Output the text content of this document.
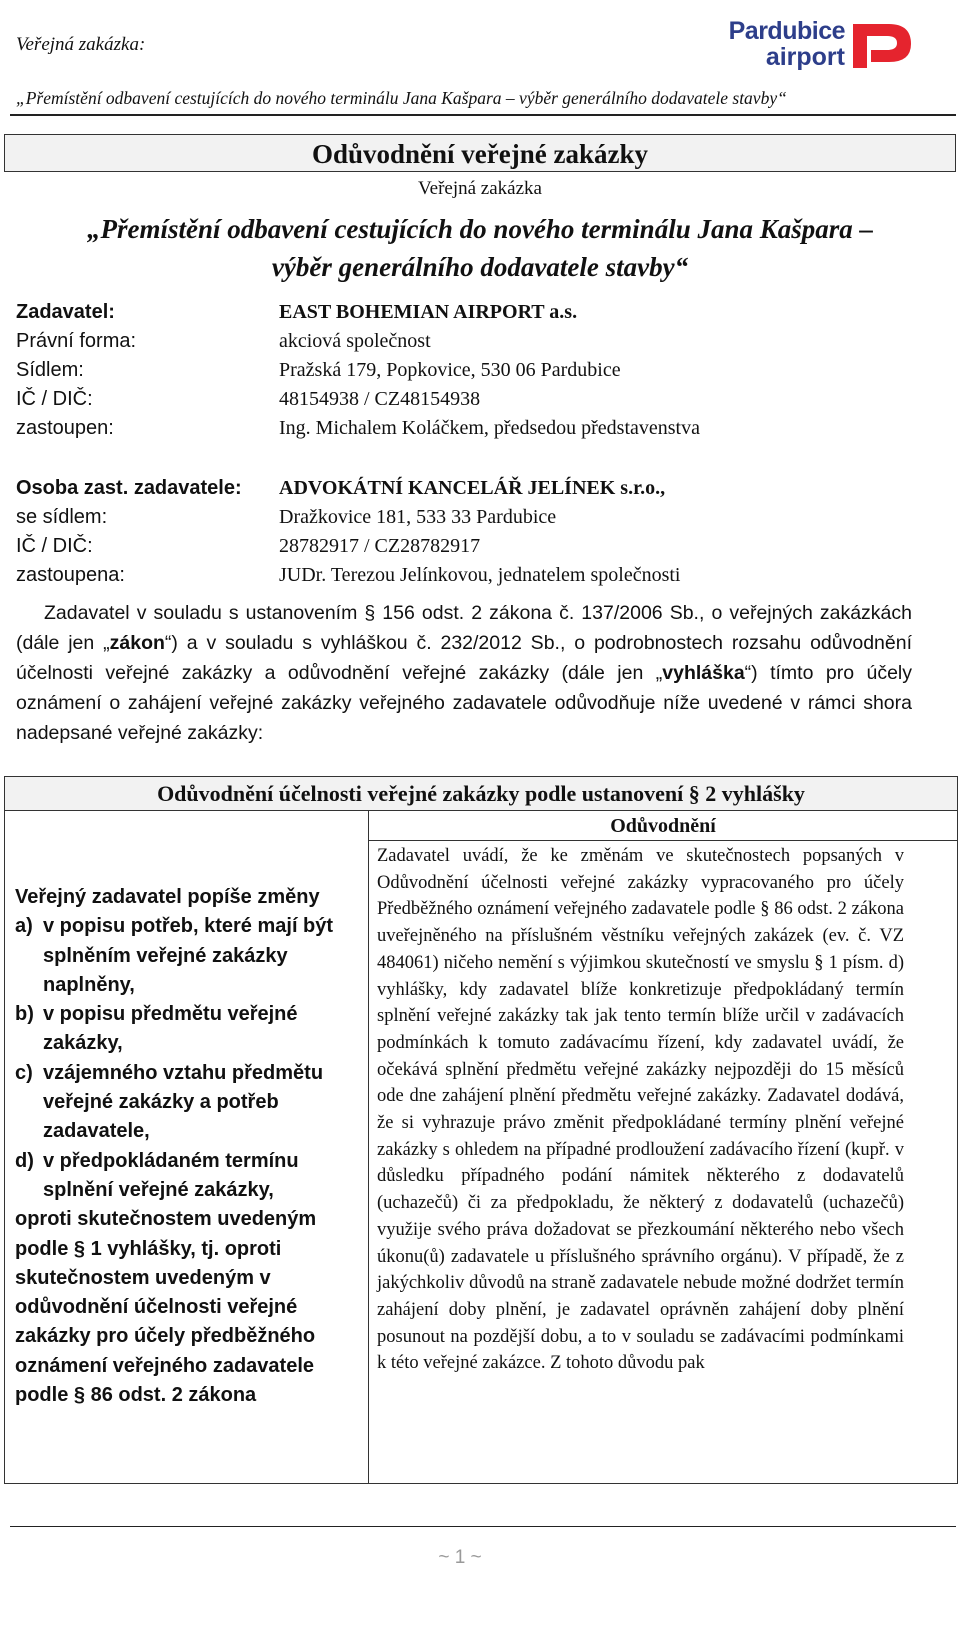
Veřejná zakázka:
„Přemístění odbavení cestujících do nového terminálu Jana Kašpara – výběr generálního dodavatele stavby“
Pardubice
airport
Odůvodnění veřejné zakázky
Veřejná zakázka
„Přemístění odbavení cestujících do nového terminálu Jana Kašpara –
výběr generálního dodavatele stavby“
Zadavatel:	EAST BOHEMIAN AIRPORT a.s.
Právní forma:	akciová společnost
Sídlem:	Pražská 179, Popkovice, 530 06 Pardubice
IČ / DIČ:	48154938 / CZ48154938
zastoupen:	Ing. Michalem Koláčkem, předsedou představenstva
Osoba zast. zadavatele: ADVOKÁTNÍ KANCELÁŘ JELÍNEK s.r.o.,
se sídlem:	Dražkovice 181, 533 33 Pardubice
IČ / DIČ:	28782917 / CZ28782917
zastoupena:	JUDr. Terezou Jelínkovou, jednatelem společnosti

Zadavatel v souladu s ustanovením § 156 odst. 2 zákona č. 137/2006 Sb., o veřejných zakázkách (dále jen „zákon“) a v souladu s vyhláškou č. 232/2012 Sb., o podrobnostech rozsahu odůvodnění účelnosti veřejné zakázky a odůvodnění veřejné zakázky (dále jen „vyhláška“) tímto pro účely oznámení o zahájení veřejné zakázky veřejného zadavatele odůvodňuje níže uvedené v rámci shora nadepsané veřejné zakázky:

Odůvodnění účelnosti veřejné zakázky podle ustanovení § 2 vyhlášky
Odůvodnění
Veřejný zadavatel popíše změny
a) v popisu potřeb, které mají být splněním veřejné zakázky naplněny,
b) v popisu předmětu veřejné zakázky,
c) vzájemného vztahu předmětu veřejné zakázky a potřeb zadavatele,
d) v předpokládaném termínu splnění veřejné zakázky,
oproti skutečnostem uvedeným podle § 1 vyhlášky, tj. oproti skutečnostem uvedeným v odůvodnění účelnosti veřejné zakázky pro účely předběžného oznámení veřejného zadavatele podle § 86 odst. 2 zákona
Zadavatel uvádí, že ke změnám ve skutečnostech popsaných v Odůvodnění účelnosti veřejné zakázky vypracovaného pro účely Předběžného oznámení veřejného zadavatele podle § 86 odst. 2 zákona uveřejněného na příslušném věstníku veřejných zakázek (ev. č. VZ 484061) ničeho nemění s výjimkou skutečností ve smyslu § 1 písm. d) vyhlášky, kdy zadavatel blíže konkretizuje předpokládaný termín splnění veřejné zakázky tak jak tento termín blíže určil v zadávacích podmínkách k tomuto zadávacímu řízení, kdy zadavatel uvádí, že očekává splnění předmětu veřejné zakázky nejpozději do 15 měsíců ode dne zahájení plnění předmětu veřejné zakázky. Zadavatel dodává, že si vyhrazuje právo změnit předpokládané termíny plnění veřejné zakázky s ohledem na případné prodloužení zadávacího řízení (kupř. v důsledku případného podání námitek některého z dodavatelů (uchazečů) či za předpokladu, že některý z dodavatelů (uchazečů) využije svého práva dožadovat se přezkoumání některého nebo všech úkonu(ů) zadavatele u příslušného správního orgánu). V případě, že z jakýchkoliv důvodů na straně zadavatele nebude možné dodržet termín zahájení doby plnění, je zadavatel oprávněn zahájení doby plnění posunout na pozdější dobu, a to v souladu se zadávacími podmínkami k této veřejné zakázce. Z tohoto důvodu pak
~ 1 ~
